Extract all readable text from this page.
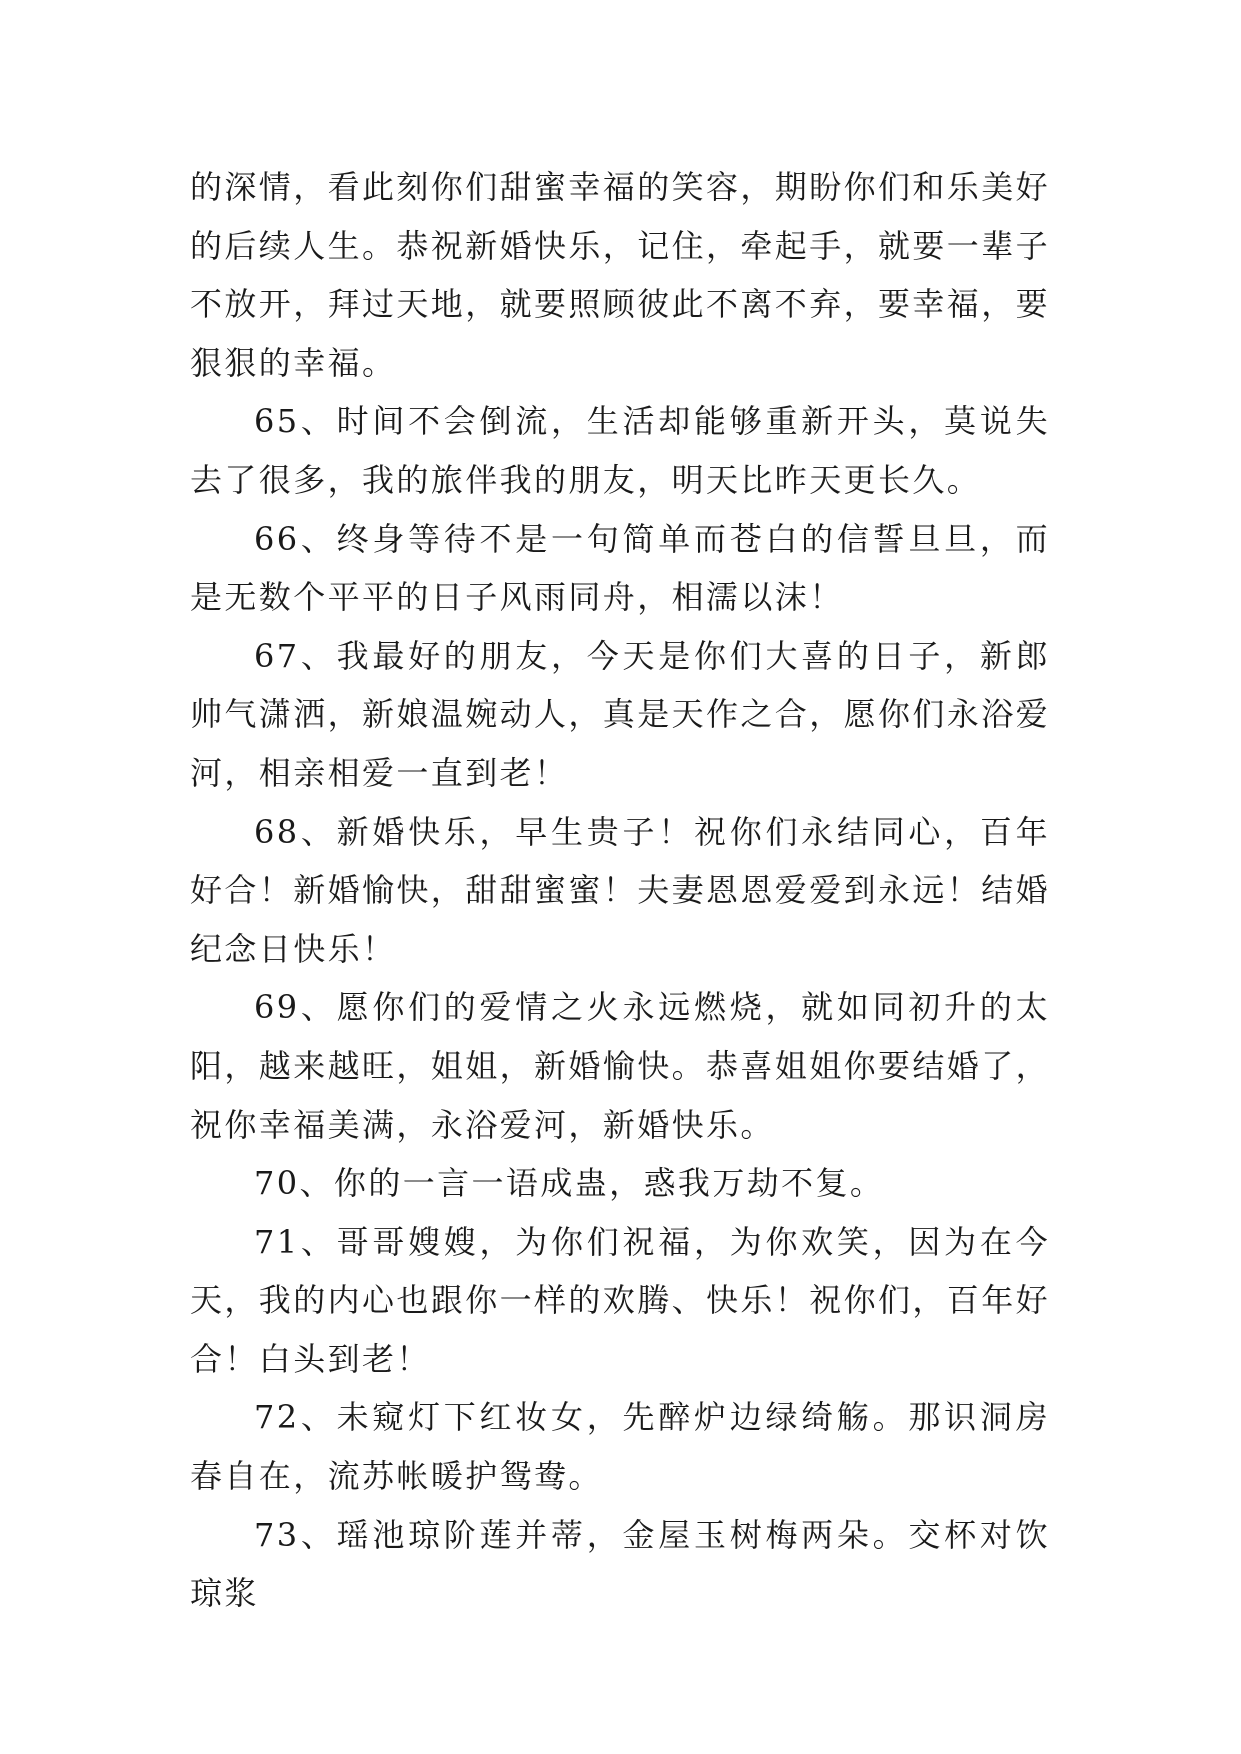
的深情，看此刻你们甜蜜幸福的笑容，期盼你们和乐美好的后续人生。恭祝新婚快乐，记住，牵起手，就要一辈子不放开，拜过天地，就要照顾彼此不离不弃，要幸福，要狠狠的幸福。

65、时间不会倒流，生活却能够重新开头，莫说失去了很多，我的旅伴我的朋友，明天比昨天更长久。

66、终身等待不是一句简单而苍白的信誓旦旦，而是无数个平平的日子风雨同舟，相濡以沫！

67、我最好的朋友，今天是你们大喜的日子，新郎帅气潇洒，新娘温婉动人，真是天作之合，愿你们永浴爱河，相亲相爱一直到老！

68、新婚快乐，早生贵子！祝你们永结同心，百年好合！新婚愉快，甜甜蜜蜜！夫妻恩恩爱爱到永远！结婚纪念日快乐！

69、愿你们的爱情之火永远燃烧，就如同初升的太阳，越来越旺，姐姐，新婚愉快。恭喜姐姐你要结婚了，祝你幸福美满，永浴爱河，新婚快乐。

70、你的一言一语成蛊，惑我万劫不复。

71、哥哥嫂嫂，为你们祝福，为你欢笑，因为在今天，我的内心也跟你一样的欢腾、快乐！祝你们，百年好合！白头到老！

72、未窥灯下红妆女，先醉炉边绿绮觞。那识洞房春自在，流苏帐暖护鸳鸯。

73、瑶池琼阶莲并蒂，金屋玉树梅两朵。交杯对饮琼浆
